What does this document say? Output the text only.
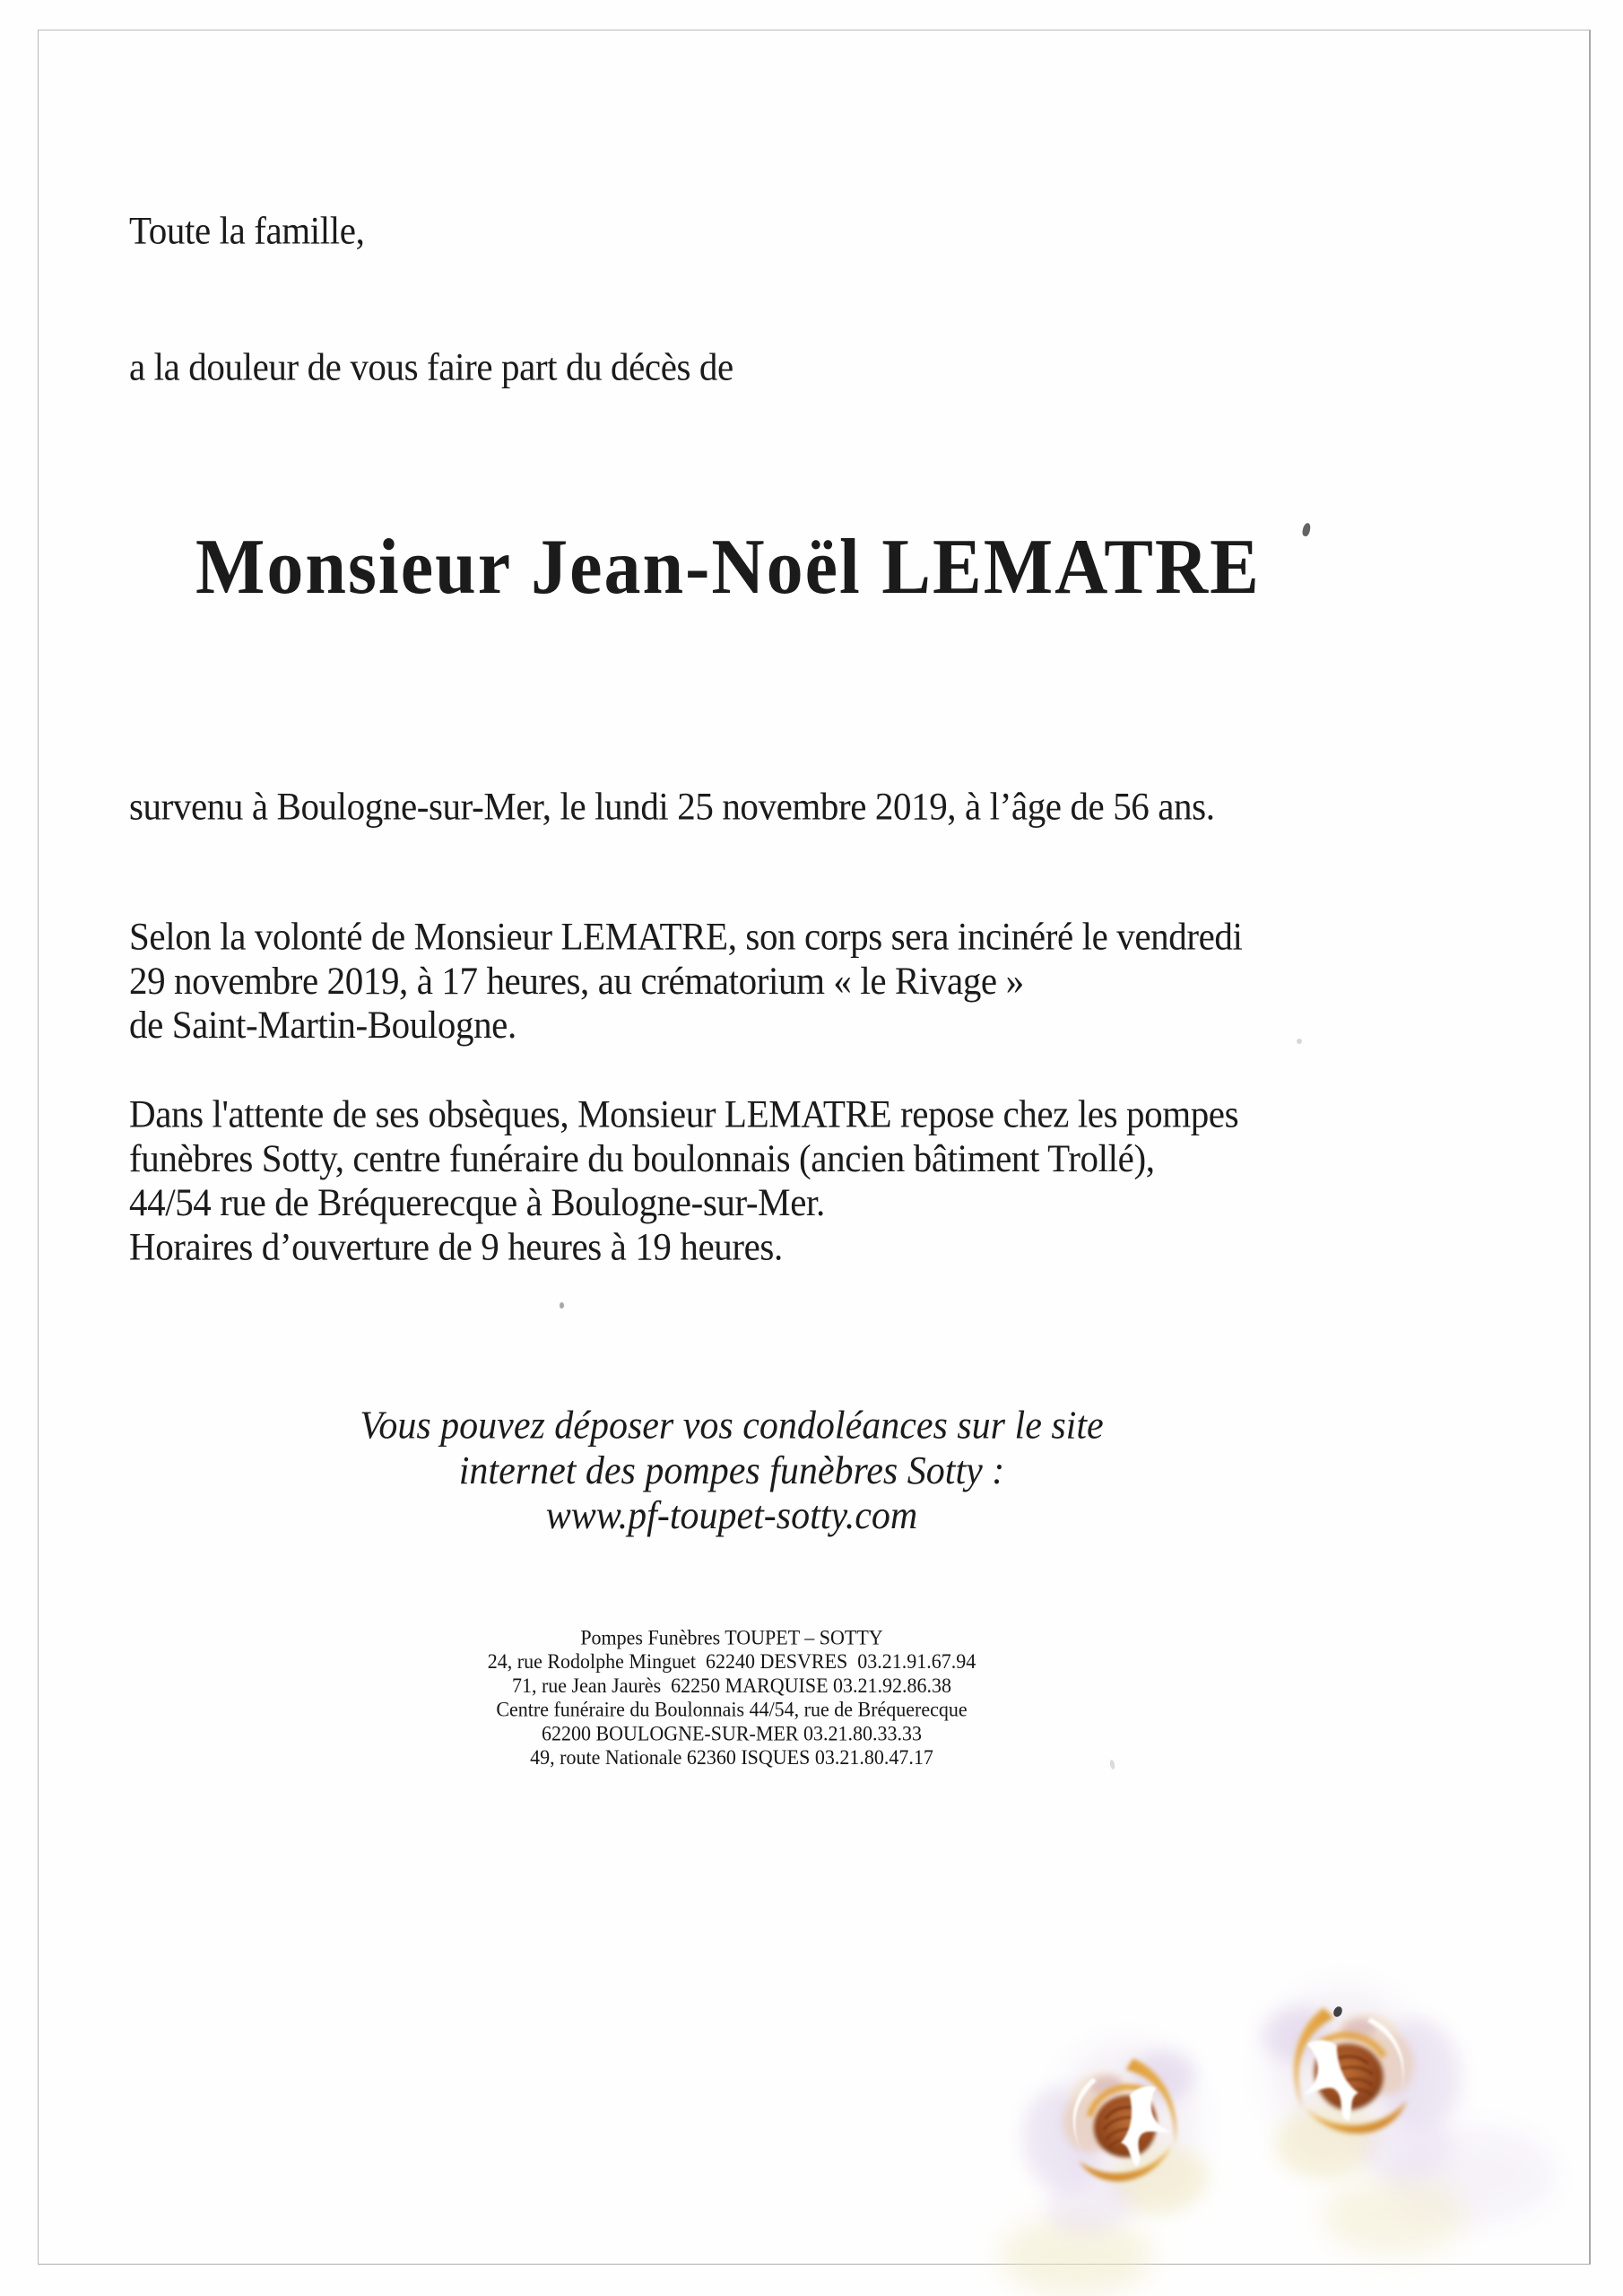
Toute la famille,
a la douleur de vous faire part du décès de
Monsieur Jean-Noël LEMATRE
survenu à Boulogne-sur-Mer, le lundi 25 novembre 2019, à l’âge de 56 ans.
Selon la volonté de Monsieur LEMATRE, son corps sera incinéré le vendredi
29 novembre 2019, à 17 heures, au crématorium « le Rivage »
de Saint-Martin-Boulogne.
Dans l'attente de ses obsèques, Monsieur LEMATRE repose chez les pompes
funèbres Sotty, centre funéraire du boulonnais (ancien bâtiment Trollé),
44/54 rue de Bréquerecque à Boulogne-sur-Mer.
Horaires d’ouverture de 9 heures à 19 heures.
Vous pouvez déposer vos condoléances sur le site
internet des pompes funèbres Sotty :
www.pf-toupet-sotty.com
Pompes Funèbres TOUPET – SOTTY
24, rue Rodolphe Minguet  62240 DESVRES  03.21.91.67.94
71, rue Jean Jaurès  62250 MARQUISE 03.21.92.86.38
Centre funéraire du Boulonnais 44/54, rue de Bréquerecque
62200 BOULOGNE-SUR-MER 03.21.80.33.33
49, route Nationale 62360 ISQUES 03.21.80.47.17
